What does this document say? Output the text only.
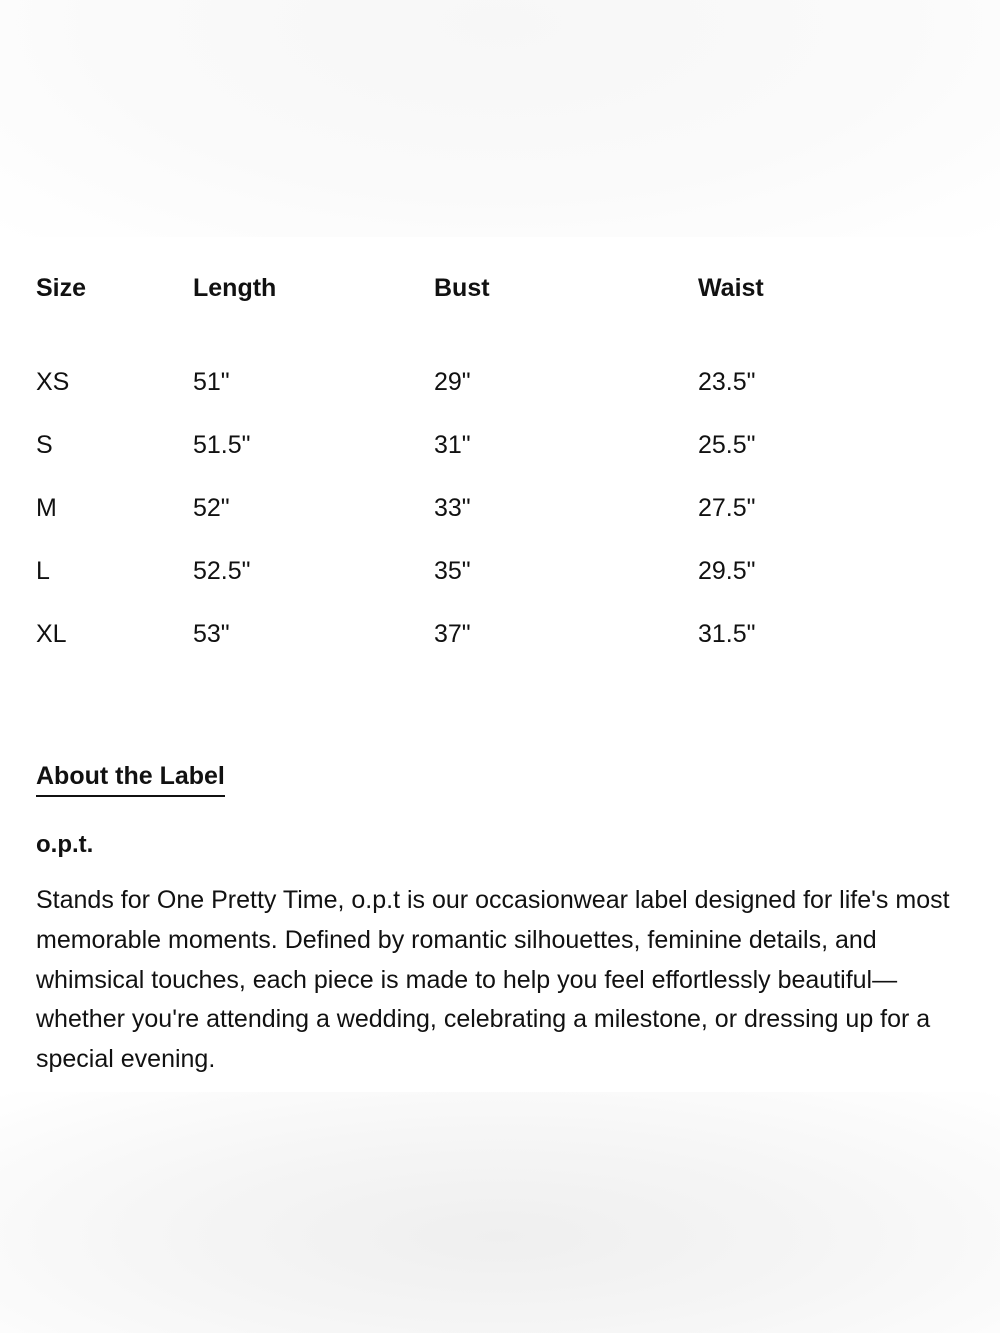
Size	Length	Bust	Waist
XS	51"	29"	23.5"
S	51.5"	31"	25.5"
M	52"	33"	27.5"
L	52.5"	35"	29.5"
XL	53"	37"	31.5"
About the Label
o.p.t.

Stands for One Pretty Time, o.p.t is our occasionwear label designed for life's most memorable moments. Defined by romantic silhouettes, feminine details, and whimsical touches, each piece is made to help you feel effortlessly beautiful—whether you're attending a wedding, celebrating a milestone, or dressing up for a special evening.
